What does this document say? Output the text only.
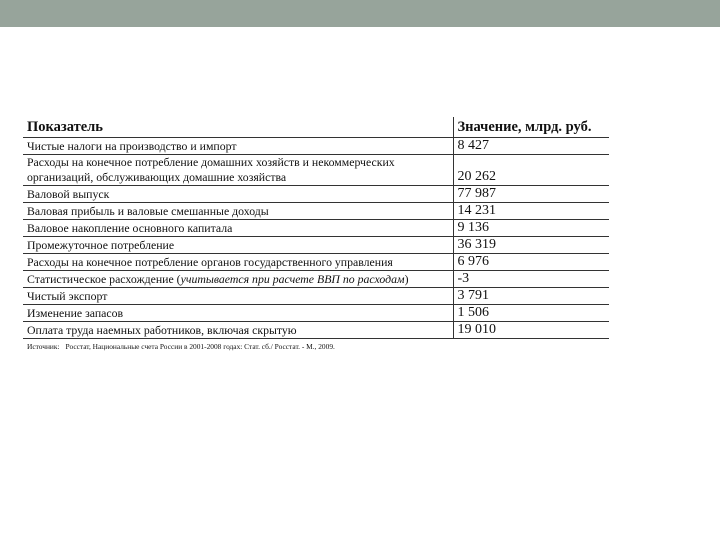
Показатель	Значение, млрд. руб.
Чистые налоги на производство и импорт	8 427
Расходы на конечное потребление домашних хозяйств и некоммерческих организаций, обслуживающих домашние хозяйства	20 262
Валовой выпуск	77 987
Валовая прибыль и валовые смешанные доходы	14 231
Валовое накопление основного капитала	9 136
Промежуточное потребление	36 319
Расходы на конечное потребление органов государственного управления	6 976
Статистическое расхождение (учитывается при расчете ВВП по расходам)	-3
Чистый экспорт	3 791
Изменение запасов	1 506
Оплата труда наемных работников, включая скрытую	19 010
Источник: Росстат, Национальные счета России в 2001-2008 годах: Стат. сб./ Росстат. - М., 2009.
